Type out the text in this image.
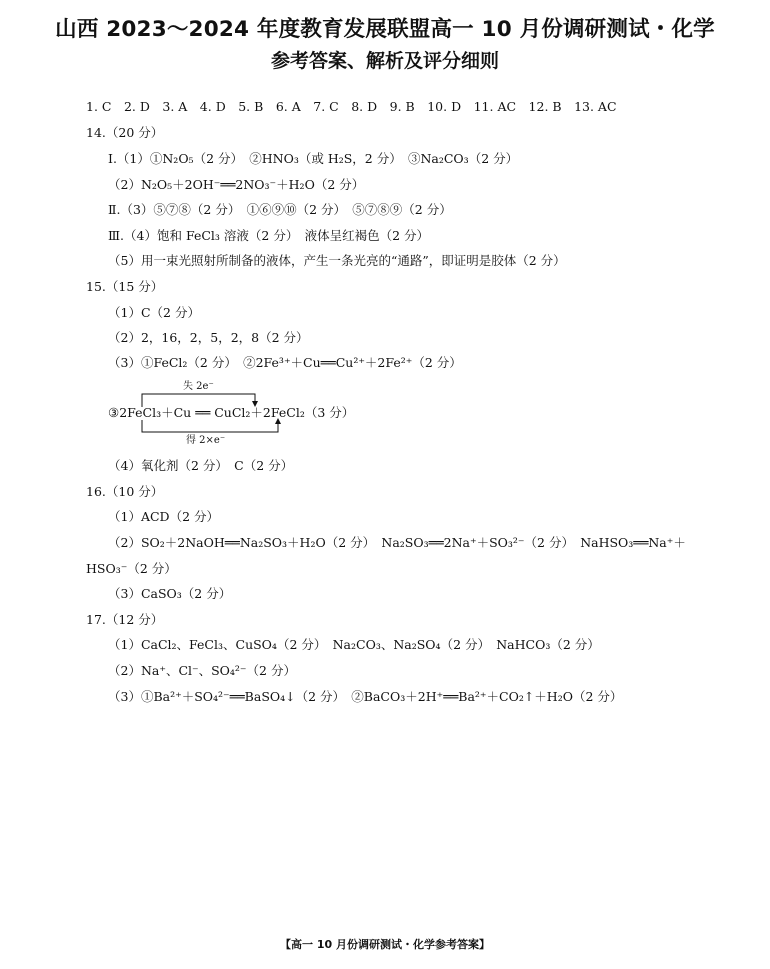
山西 2023～2024 年度教育发展联盟高一 10 月份调研测试・化学
参考答案、解析及评分细则
1. C　2. D　3. A　4. D　5. B　6. A　7. C　8. D　9. B　10. D　11. AC　12. B　13. AC
14.（20 分）
Ⅰ.（1）①N₂O₅（2 分）　②HNO₃（或 H₂S，2 分）　③Na₂CO₃（2 分）
（2）N₂O₅＋2OH⁻══2NO₃⁻＋H₂O（2 分）
Ⅱ.（3）⑤⑦⑧（2 分）　①⑥⑨⑩（2 分）　⑤⑦⑧⑨（2 分）
Ⅲ.（4）饱和 FeCl₃ 溶液（2 分）　液体呈红褐色（2 分）
（5）用一束光照射所制备的液体，产生一条光亮的“通路”，即证明是胶体（2 分）
15.（15 分）
（1）C（2 分）
（2）2，16，2，5，2，8（2 分）
（3）①FeCl₂（2 分）　②2Fe³⁺＋Cu══Cu²⁺＋2Fe²⁺（2 分）
失 2e⁻
③2FeCl₃＋Cu ══ CuCl₂＋2FeCl₂（3 分）
得 2×e⁻
（4）氧化剂（2 分）　C（2 分）
16.（10 分）
（1）ACD（2 分）
（2）SO₂＋2NaOH══Na₂SO₃＋H₂O（2 分）　Na₂SO₃══2Na⁺＋SO₃²⁻（2 分）　NaHSO₃══Na⁺＋
HSO₃⁻（2 分）
（3）CaSO₃（2 分）
17.（12 分）
（1）CaCl₂、FeCl₃、CuSO₄（2 分）　Na₂CO₃、Na₂SO₄（2 分）　NaHCO₃（2 分）
（2）Na⁺、Cl⁻、SO₄²⁻（2 分）
（3）①Ba²⁺＋SO₄²⁻══BaSO₄↓（2 分）　②BaCO₃＋2H⁺══Ba²⁺＋CO₂↑＋H₂O（2 分）
【高一 10 月份调研测试・化学参考答案】
